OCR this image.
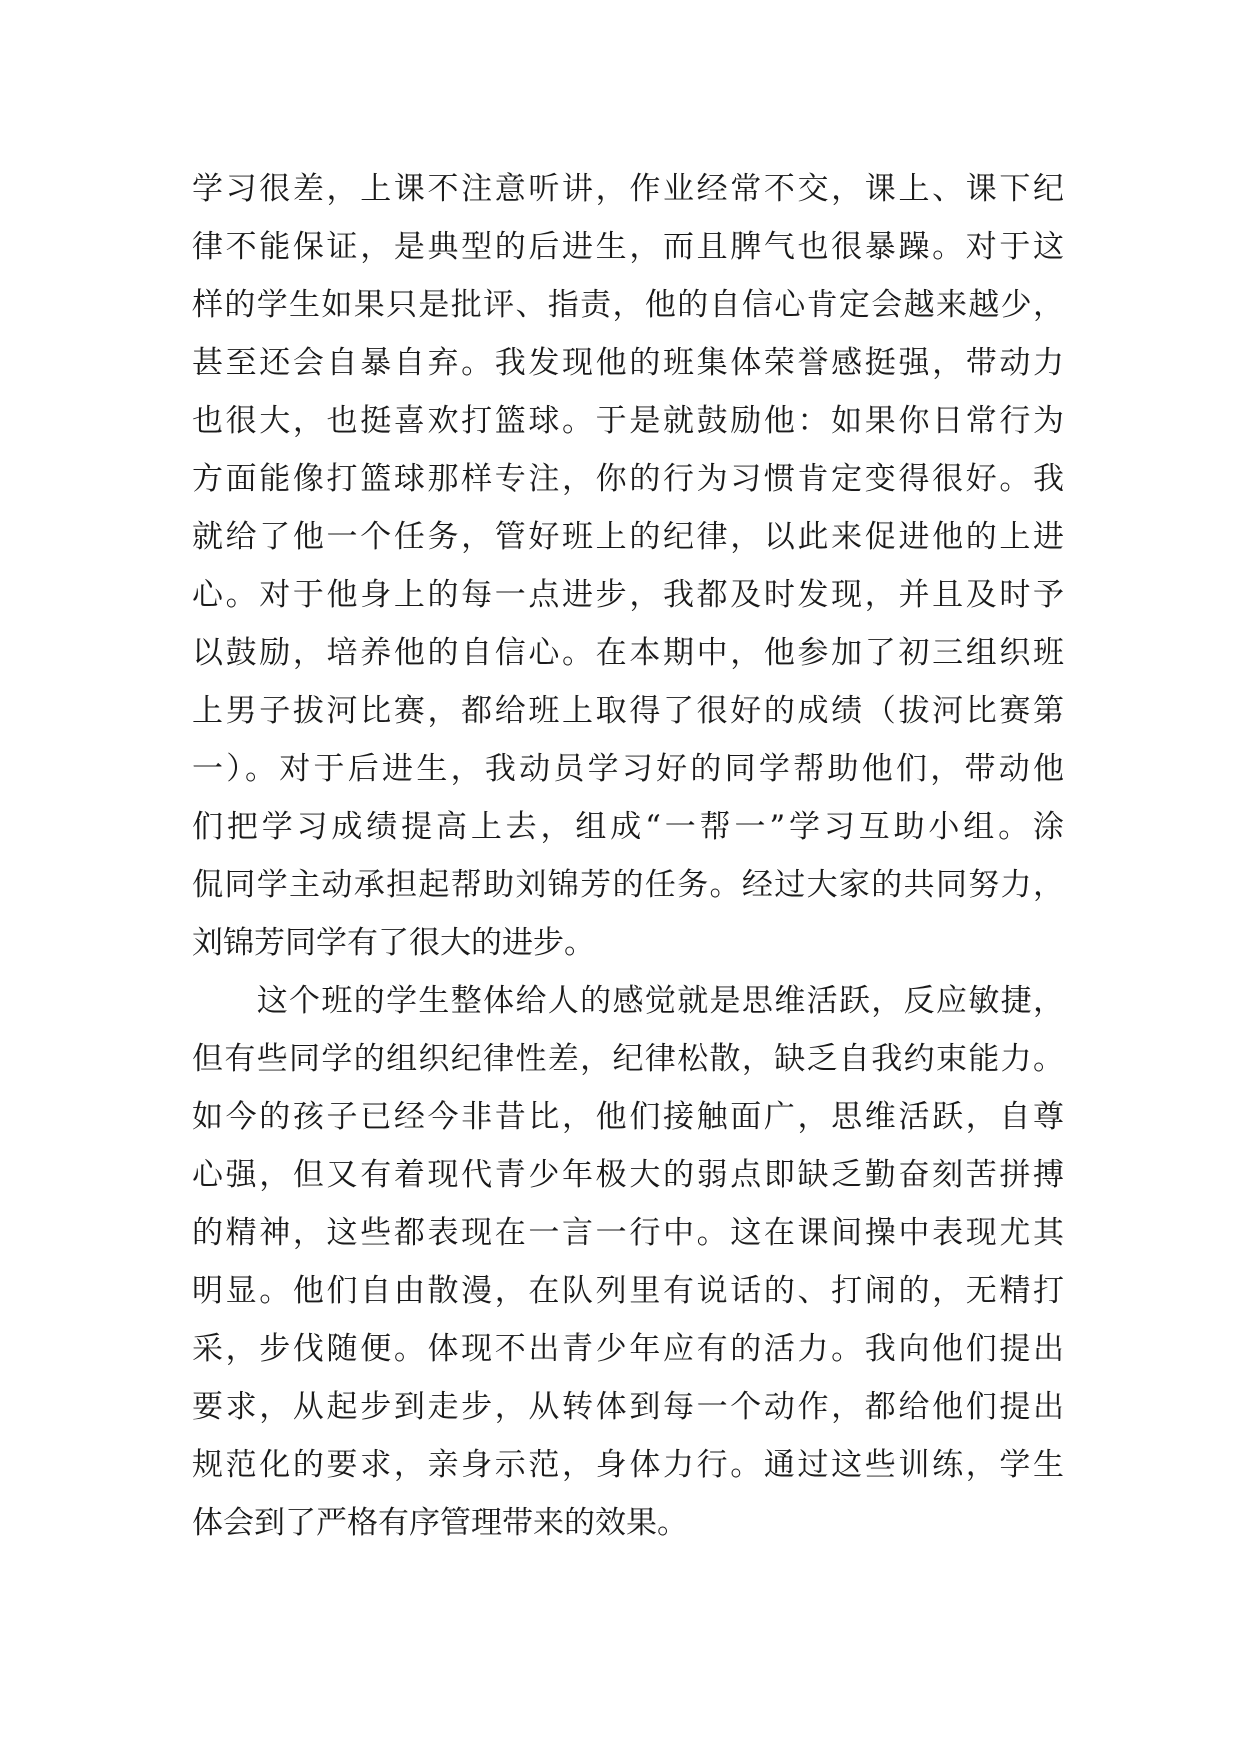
学习很差，上课不注意听讲，作业经常不交，课上、课下纪
律不能保证，是典型的后进生，而且脾气也很暴躁。对于这
样的学生如果只是批评、指责，他的自信心肯定会越来越少，
甚至还会自暴自弃。我发现他的班集体荣誉感挺强，带动力
也很大，也挺喜欢打篮球。于是就鼓励他：如果你日常行为
方面能像打篮球那样专注，你的行为习惯肯定变得很好。我
就给了他一个任务，管好班上的纪律，以此来促进他的上进
心。对于他身上的每一点进步，我都及时发现，并且及时予
以鼓励，培养他的自信心。在本期中，他参加了初三组织班
上男子拔河比赛，都给班上取得了很好的成绩（拔河比赛第
一）。对于后进生，我动员学习好的同学帮助他们，带动他
们把学习成绩提高上去，组成“一帮一”学习互助小组。涂
侃同学主动承担起帮助刘锦芳的任务。经过大家的共同努力，
刘锦芳同学有了很大的进步。
　　这个班的学生整体给人的感觉就是思维活跃，反应敏捷，
但有些同学的组织纪律性差，纪律松散，缺乏自我约束能力。
如今的孩子已经今非昔比，他们接触面广，思维活跃，自尊
心强，但又有着现代青少年极大的弱点即缺乏勤奋刻苦拼搏
的精神，这些都表现在一言一行中。这在课间操中表现尤其
明显。他们自由散漫，在队列里有说话的、打闹的，无精打
采，步伐随便。体现不出青少年应有的活力。我向他们提出
要求，从起步到走步，从转体到每一个动作，都给他们提出
规范化的要求，亲身示范，身体力行。通过这些训练，学生
体会到了严格有序管理带来的效果。
